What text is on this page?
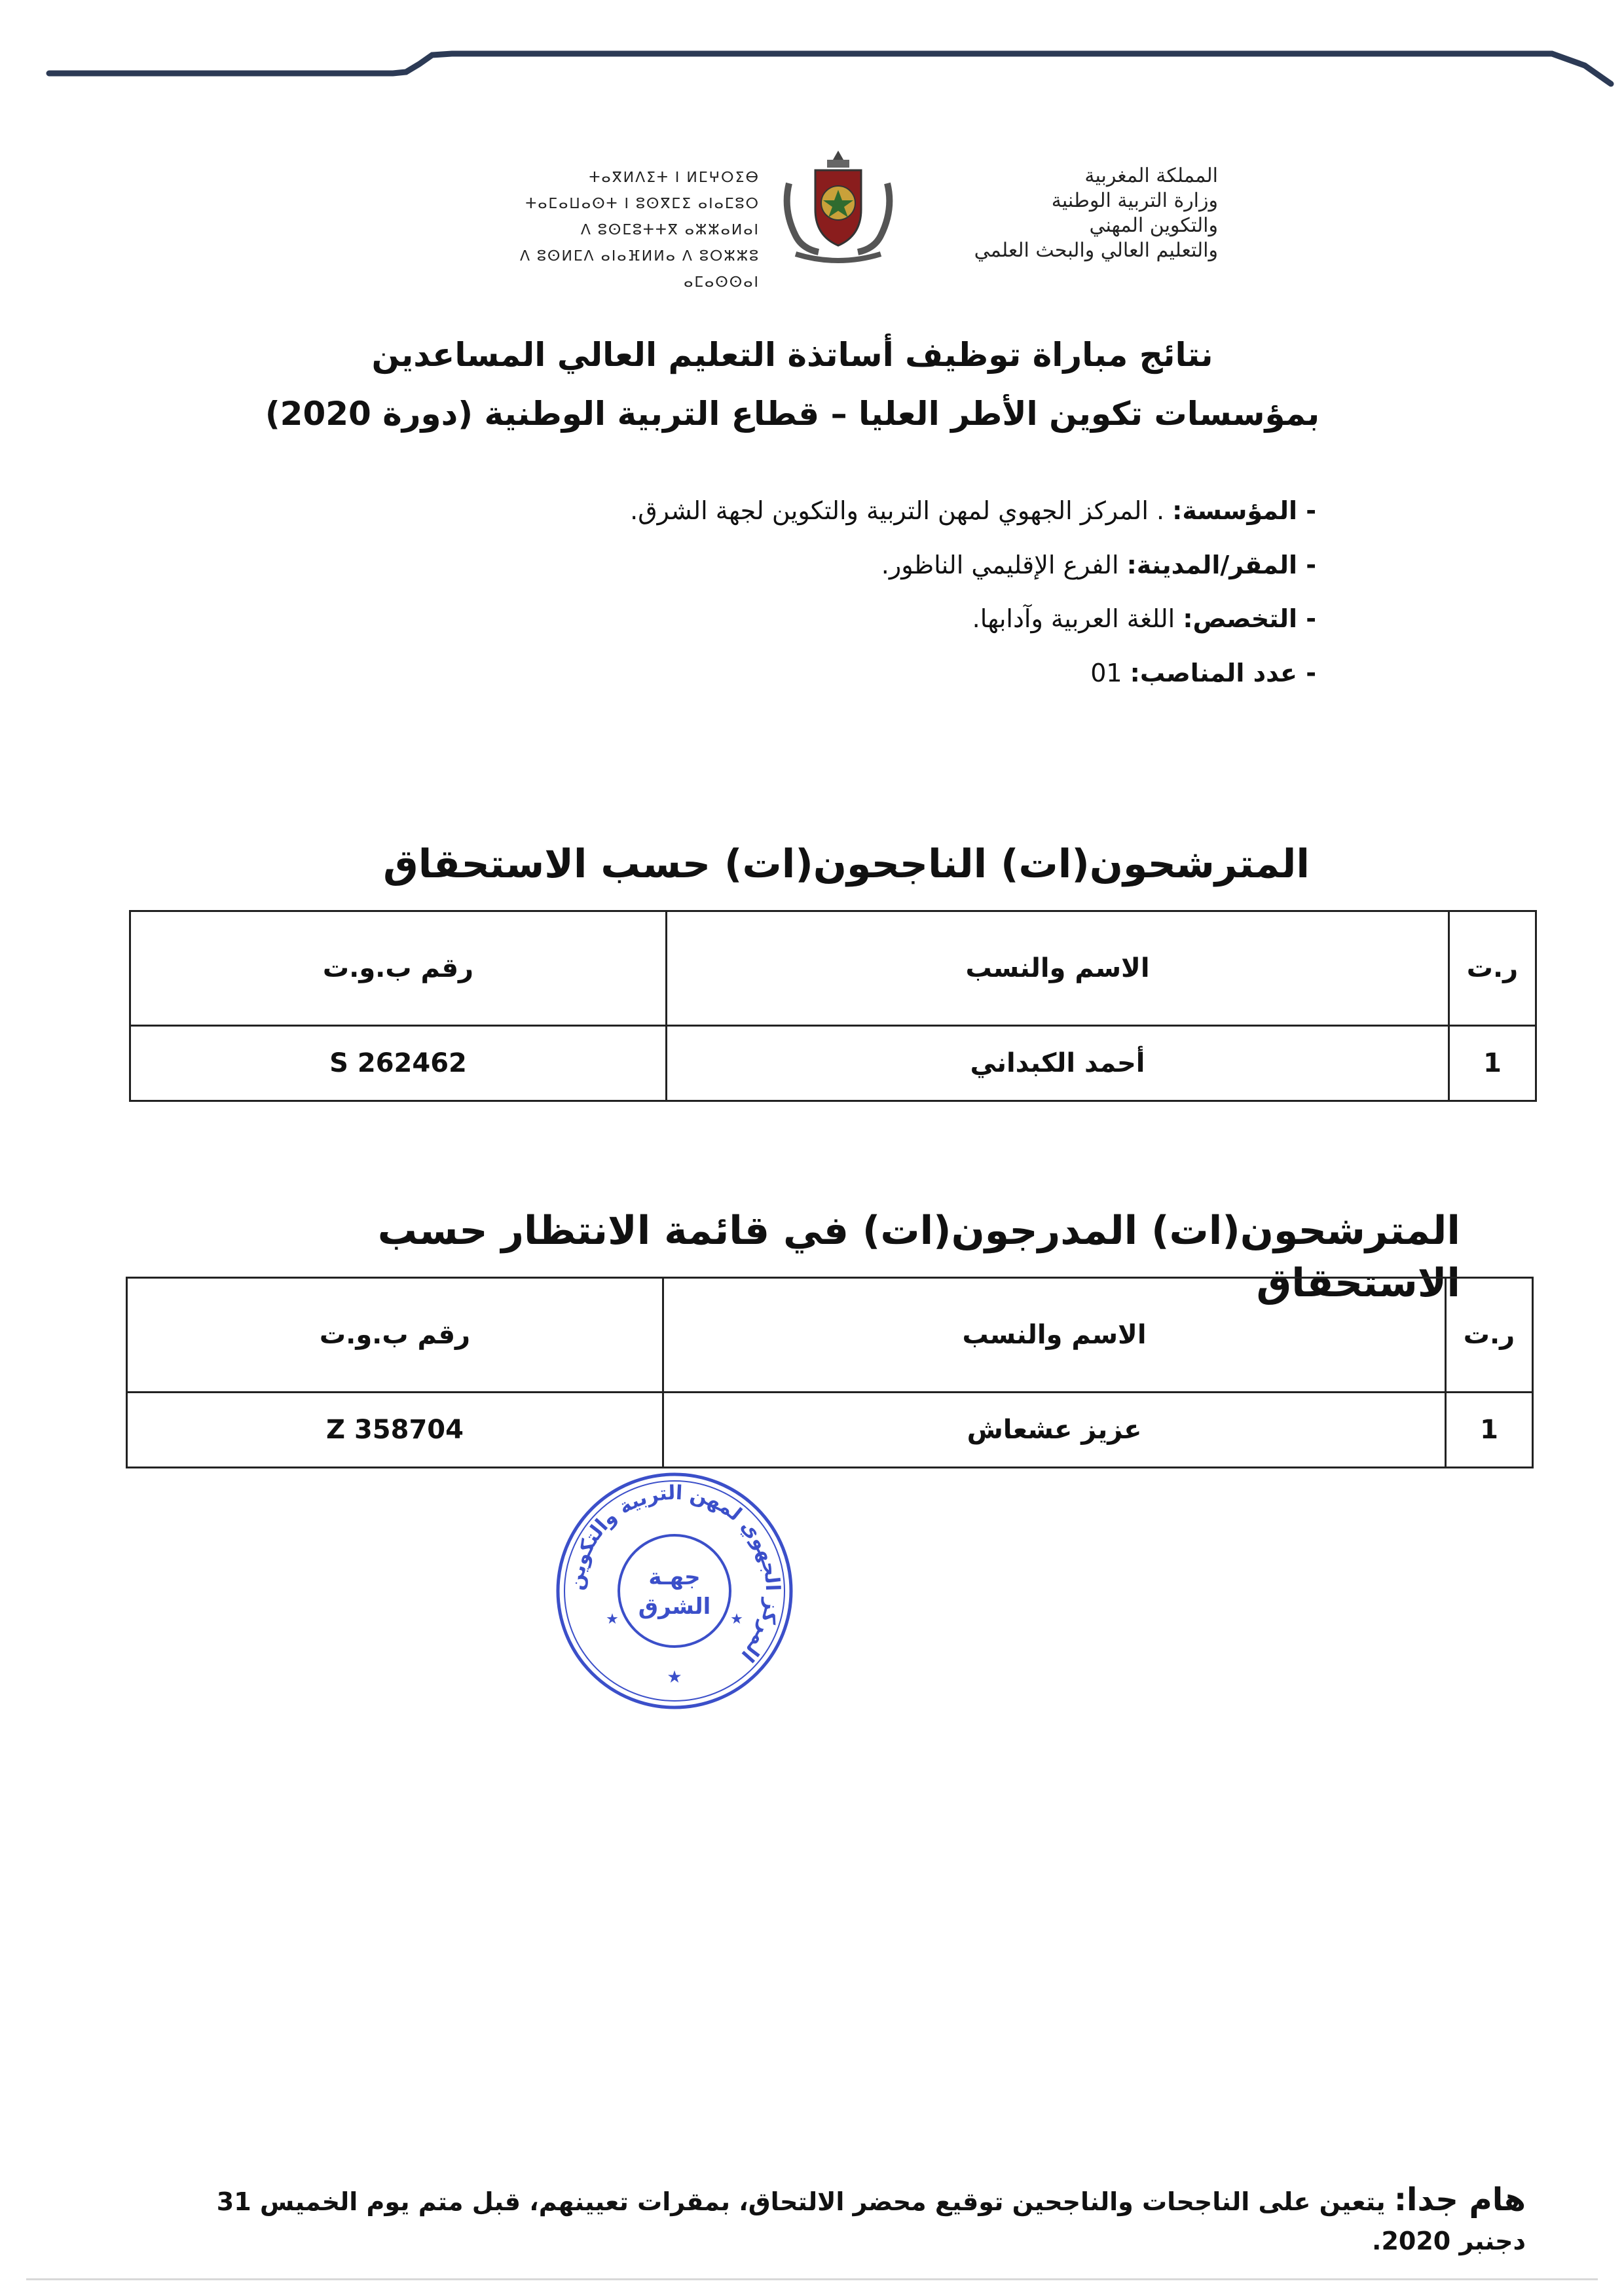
المملكة المغربية
وزارة التربية الوطنية
والتكوين المهني
والتعليم العالي والبحث العلمي
ⵜⴰⴳⵍⴷⵉⵜ ⵏ ⵍⵎⵖⵔⵉⴱ
ⵜⴰⵎⴰⵡⴰⵙⵜ ⵏ ⵓⵙⴳⵎⵉ ⴰⵏⴰⵎⵓⵔ
ⴷ ⵓⵙⵎⵓⵜⵜⴳ ⴰⵣⵣⴰⵍⴰⵏ
ⴷ ⵓⵙⵍⵎⴷ ⴰⵏⴰⴼⵍⵍⴰ ⴷ ⵓⵔⵣⵣⵓ ⴰⵎⴰⵙⵙⴰⵏ
نتائج مباراة توظيف أساتذة التعليم العالي المساعدين
بمؤسسات تكوين الأطر العليا – قطاع التربية الوطنية (دورة 2020)
- المؤسسة: . المركز الجهوي لمهن التربية والتكوين لجهة الشرق.
- المقر/المدينة: الفرع الإقليمي الناظور.
- التخصص: اللغة العربية وآدابها.
- عدد المناصب: 01
المترشحون(ات) الناجحون(ات) حسب الاستحقاق
ر.ت	الاسم والنسب	رقم ب.و.ت
1	أحمد الكبداني	S 262462
المترشحون(ات) المدرجون(ات) في قائمة الانتظار حسب الاستحقاق
ر.ت	الاسم والنسب	رقم ب.و.ت
1	عزيز عشعاش	Z 358704
المركز الجهوي لمهن التربية والتكوين
جهـة
الشرق
★
★	★
هام جدا: يتعين على الناجحات والناجحين توقيع محضر الالتحاق، بمقرات تعيينهم، قبل متم يوم الخميس 31 دجنبر 2020.
